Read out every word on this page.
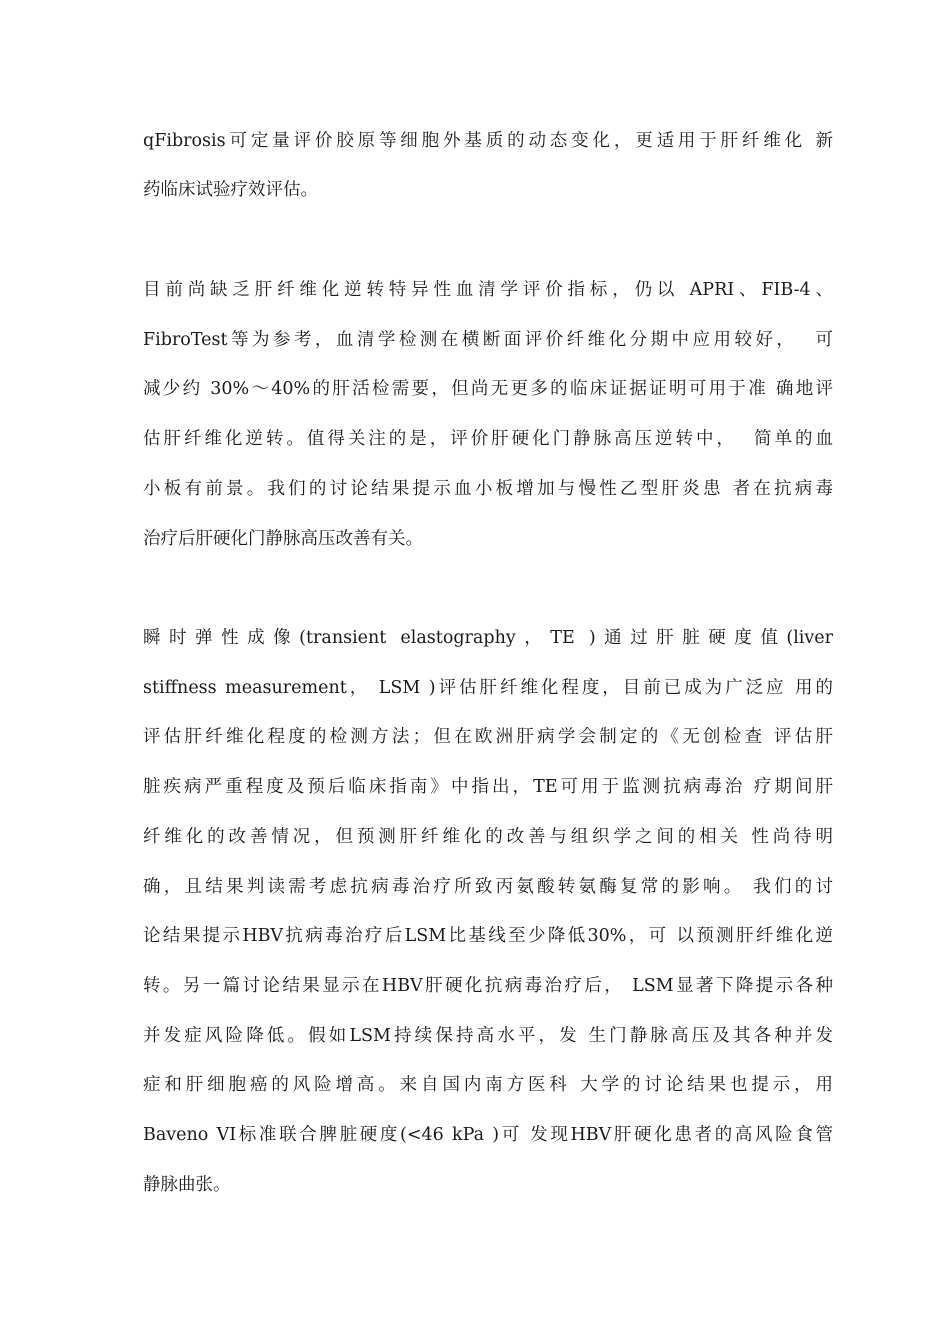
qFibrosis可定量评价胶原等细胞外基质的动态变化，更适用于肝纤维化 新
药临床试验疗效评估。
目前尚缺乏肝纤维化逆转特异性血清学评价指标，仍以 APRI、FIB-4、
FibroTest等为参考，血清学检测在横断面评价纤维化分期中应用较好，  可
减少约 30%〜40%的肝活检需要，但尚无更多的临床证据证明可用于准 确地评
估肝纤维化逆转。值得关注的是，评价肝硬化门静脉高压逆转中，  简单的血
小板有前景。我们的讨论结果提示血小板增加与慢性乙型肝炎患 者在抗病毒
治疗后肝硬化门静脉高压改善有关。
瞬时弹性成像(transient elastography，TE )通过肝脏硬度值(liver
stiffness measurement， LSM )评估肝纤维化程度，目前已成为广泛应 用的
评估肝纤维化程度的检测方法；但在欧洲肝病学会制定的《无创检查 评估肝
脏疾病严重程度及预后临床指南》中指出，TE可用于监测抗病毒治 疗期间肝
纤维化的改善情况，但预测肝纤维化的改善与组织学之间的相关 性尚待明
确，且结果判读需考虑抗病毒治疗所致丙氨酸转氨酶复常的影响。 我们的讨
论结果提示HBV抗病毒治疗后LSM比基线至少降低30%，可 以预测肝纤维化逆
转。另一篇讨论结果显示在HBV肝硬化抗病毒治疗后， LSM显著下降提示各种
并发症风险降低。假如LSM持续保持高水平，发 生门静脉高压及其各种并发
症和肝细胞癌的风险增高。来自国内南方医科 大学的讨论结果也提示，用
Baveno VI标准联合脾脏硬度(<46 kPa )可 发现HBV肝硬化患者的高风险食管
静脉曲张。
